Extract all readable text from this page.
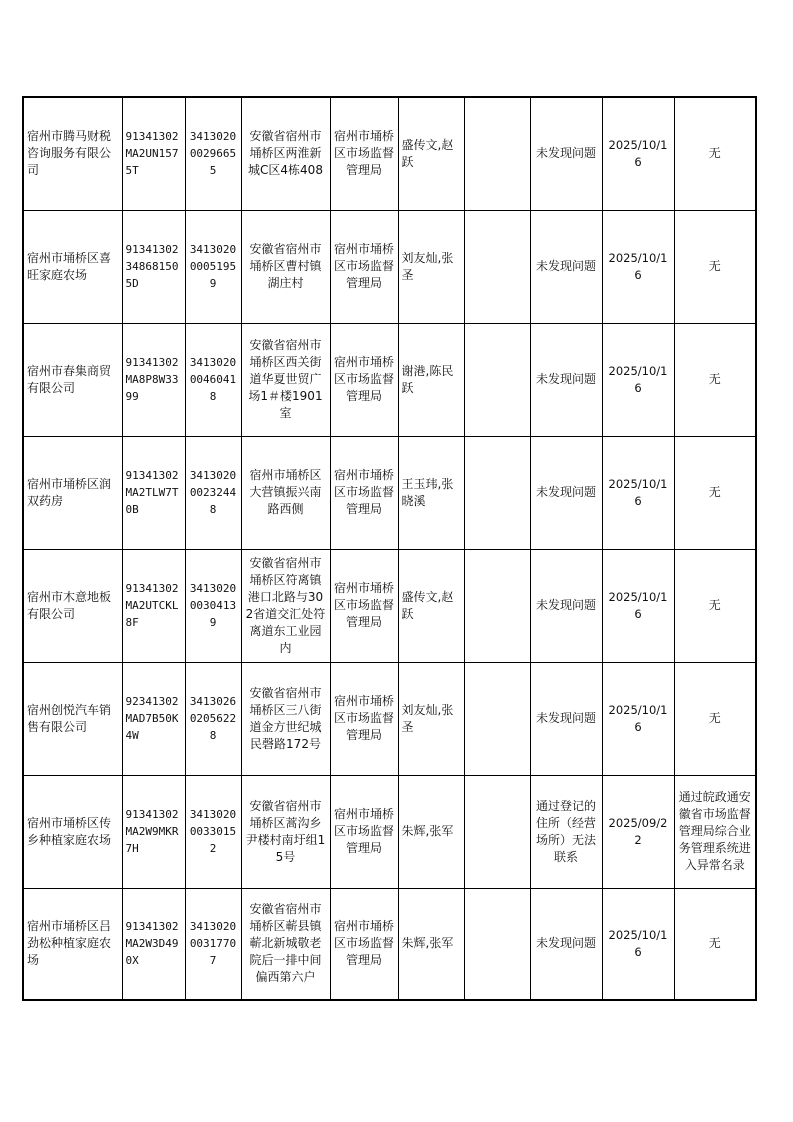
宿州市腾马财税咨询服务有限公司	91341302MA2UN1575T	341302000296655	安徽省宿州市埇桥区两淮新城C区4栋408	宿州市埇桥区市场监督管理局	盛传文,赵跃		未发现问题	2025/10/16	无
宿州市埇桥区喜旺家庭农场	91341302348681505D	341302000051959	安徽省宿州市埇桥区曹村镇湖庄村	宿州市埇桥区市场监督管理局	刘友灿,张圣		未发现问题	2025/10/16	无
宿州市春集商贸有限公司	91341302MA8P8W3399	341302000460418	安徽省宿州市埇桥区西关街道华夏世贸广场1＃楼1901室	宿州市埇桥区市场监督管理局	谢港,陈民跃		未发现问题	2025/10/16	无
宿州市埇桥区润双药房	91341302MA2TLW7T0B	341302000232448	宿州市埇桥区大营镇振兴南路西侧	宿州市埇桥区市场监督管理局	王玉玮,张晓溪		未发现问题	2025/10/16	无
宿州市木意地板有限公司	91341302MA2UTCKL8F	341302000304139	安徽省宿州市埇桥区符离镇港口北路与302省道交汇处符离道东工业园内	宿州市埇桥区市场监督管理局	盛传文,赵跃		未发现问题	2025/10/16	无
宿州创悦汽车销售有限公司	92341302MAD7B50K4W	341302602056228	安徽省宿州市埇桥区三八街道金方世纪城民磬路172号	宿州市埇桥区市场监督管理局	刘友灿,张圣		未发现问题	2025/10/16	无
宿州市埇桥区传乡种植家庭农场	91341302MA2W9MKR7H	341302000330152	安徽省宿州市埇桥区蒿沟乡尹楼村南圩组15号	宿州市埇桥区市场监督管理局	朱辉,张军		通过登记的住所（经营场所）无法联系	2025/09/22	通过皖政通安徽省市场监督管理局综合业务管理系统进入异常名录
宿州市埇桥区吕劲松种植家庭农场	91341302MA2W3D490X	341302000317707	安徽省宿州市埇桥区蕲县镇蕲北新城敬老院后一排中间偏西第六户	宿州市埇桥区市场监督管理局	朱辉,张军		未发现问题	2025/10/16	无
